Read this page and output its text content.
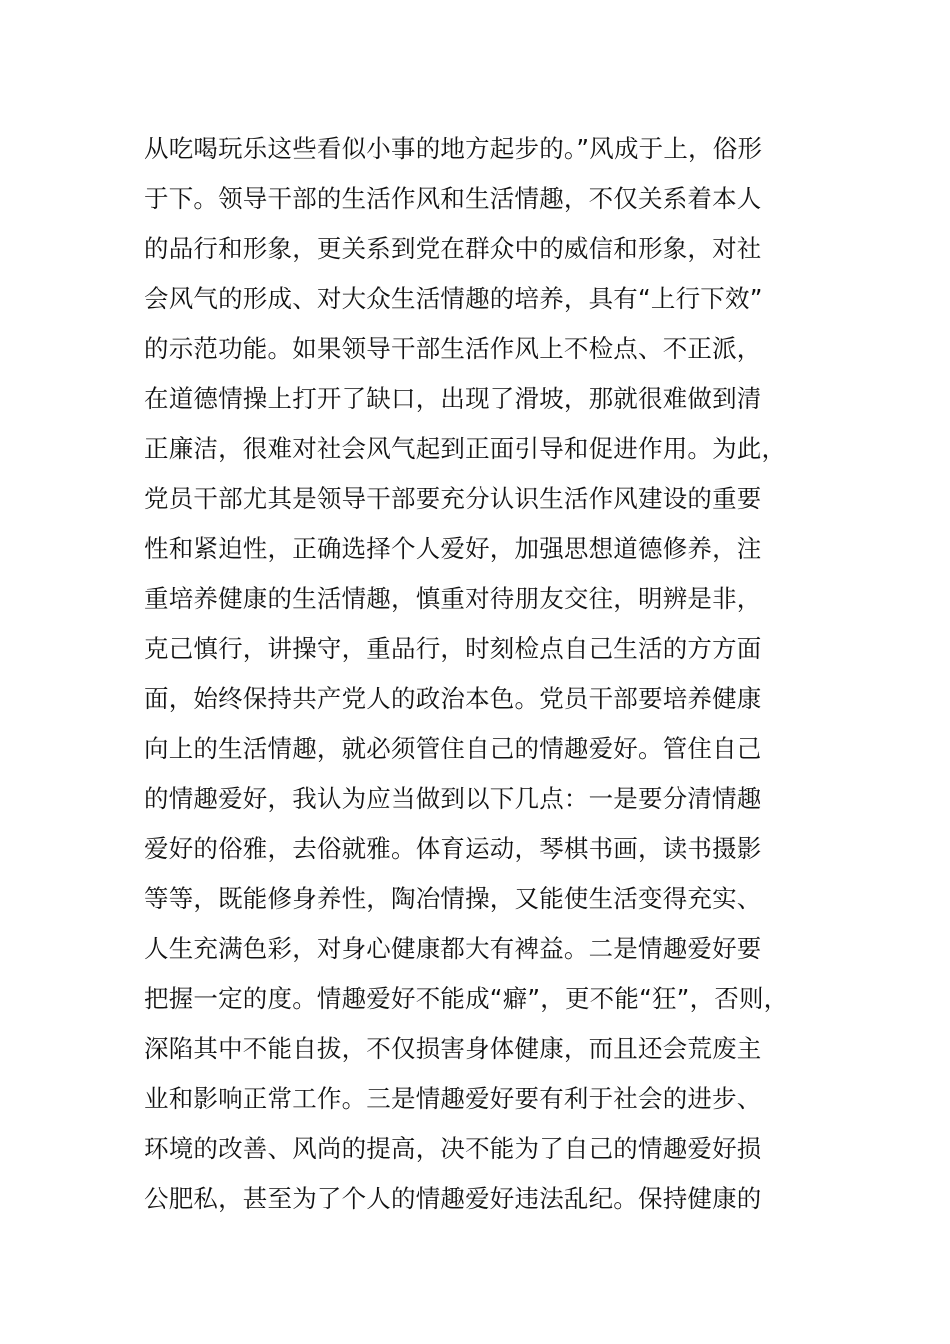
从吃喝玩乐这些看似小事的地方起步的。”风成于上，俗形
于下。领导干部的生活作风和生活情趣，不仅关系着本人
的品行和形象，更关系到党在群众中的威信和形象，对社
会风气的形成、对大众生活情趣的培养，具有“上行下效”
的示范功能。如果领导干部生活作风上不检点、不正派，
在道德情操上打开了缺口，出现了滑坡，那就很难做到清
正廉洁，很难对社会风气起到正面引导和促进作用。为此，
党员干部尤其是领导干部要充分认识生活作风建设的重要
性和紧迫性，正确选择个人爱好，加强思想道德修养，注
重培养健康的生活情趣，慎重对待朋友交往，明辨是非，
克己慎行，讲操守，重品行，时刻检点自己生活的方方面
面，始终保持共产党人的政治本色。党员干部要培养健康
向上的生活情趣，就必须管住自己的情趣爱好。管住自己
的情趣爱好，我认为应当做到以下几点：一是要分清情趣
爱好的俗雅，去俗就雅。体育运动，琴棋书画，读书摄影
等等，既能修身养性，陶冶情操，又能使生活变得充实、
人生充满色彩，对身心健康都大有裨益。二是情趣爱好要
把握一定的度。情趣爱好不能成“癖”，更不能“狂”，否则，
深陷其中不能自拔，不仅损害身体健康，而且还会荒废主
业和影响正常工作。三是情趣爱好要有利于社会的进步、
环境的改善、风尚的提高，决不能为了自己的情趣爱好损
公肥私，甚至为了个人的情趣爱好违法乱纪。保持健康的
